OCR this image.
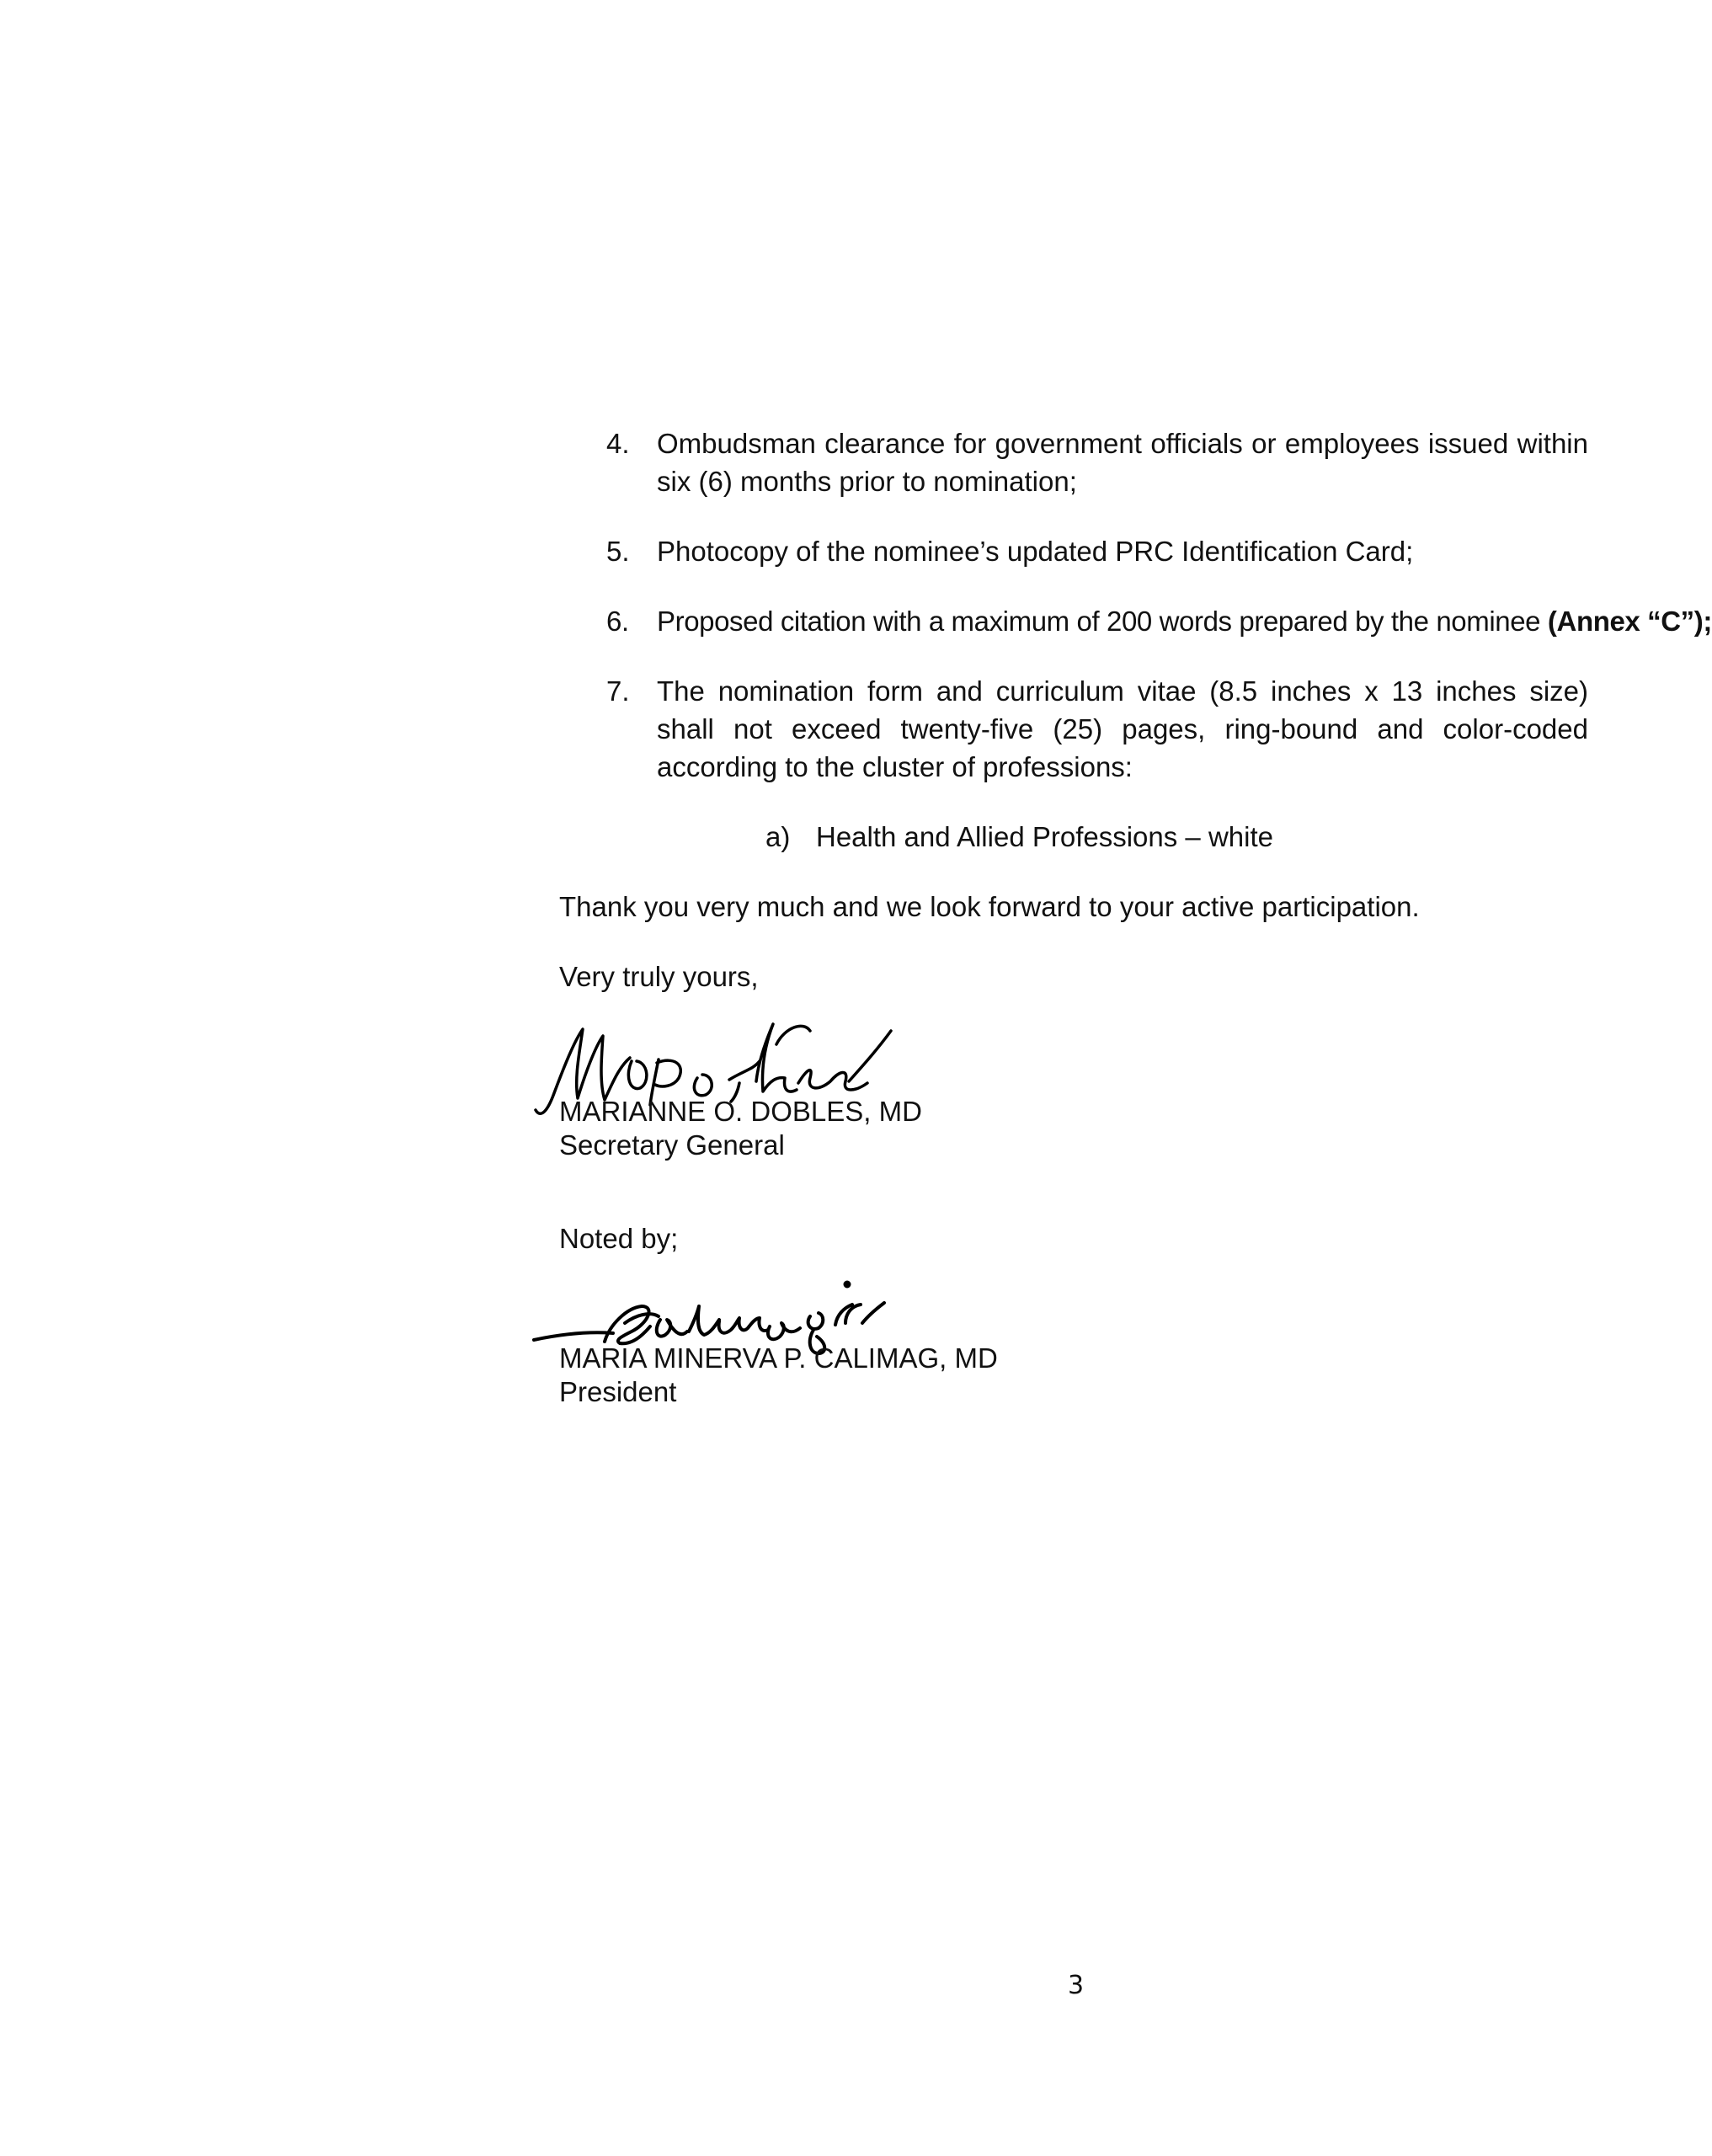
4 . Ombudsman clearance for government officials or employees issued within six (6) months prior to nomination;
5 . Photocopy of the nominee’s updated PRC Identification Card;
6 . Proposed citation with a maximum of 200 words prepared by the nominee (Annex “C”);
7 . The nomination form and curriculum vitae (8.5 inches x 13 inches size) shall not exceed twenty-five (25) pages, ring-bound and color-coded according to the cluster of professions:
a )	Health and Allied Professions – white

Thank you very much and we look forward to your active participation.

Very truly yours,

MARIANNE O. DOBLES, MD
Secretary General

Noted by;

MARIA MINERVA P. CALIMAG, MD
President
3
